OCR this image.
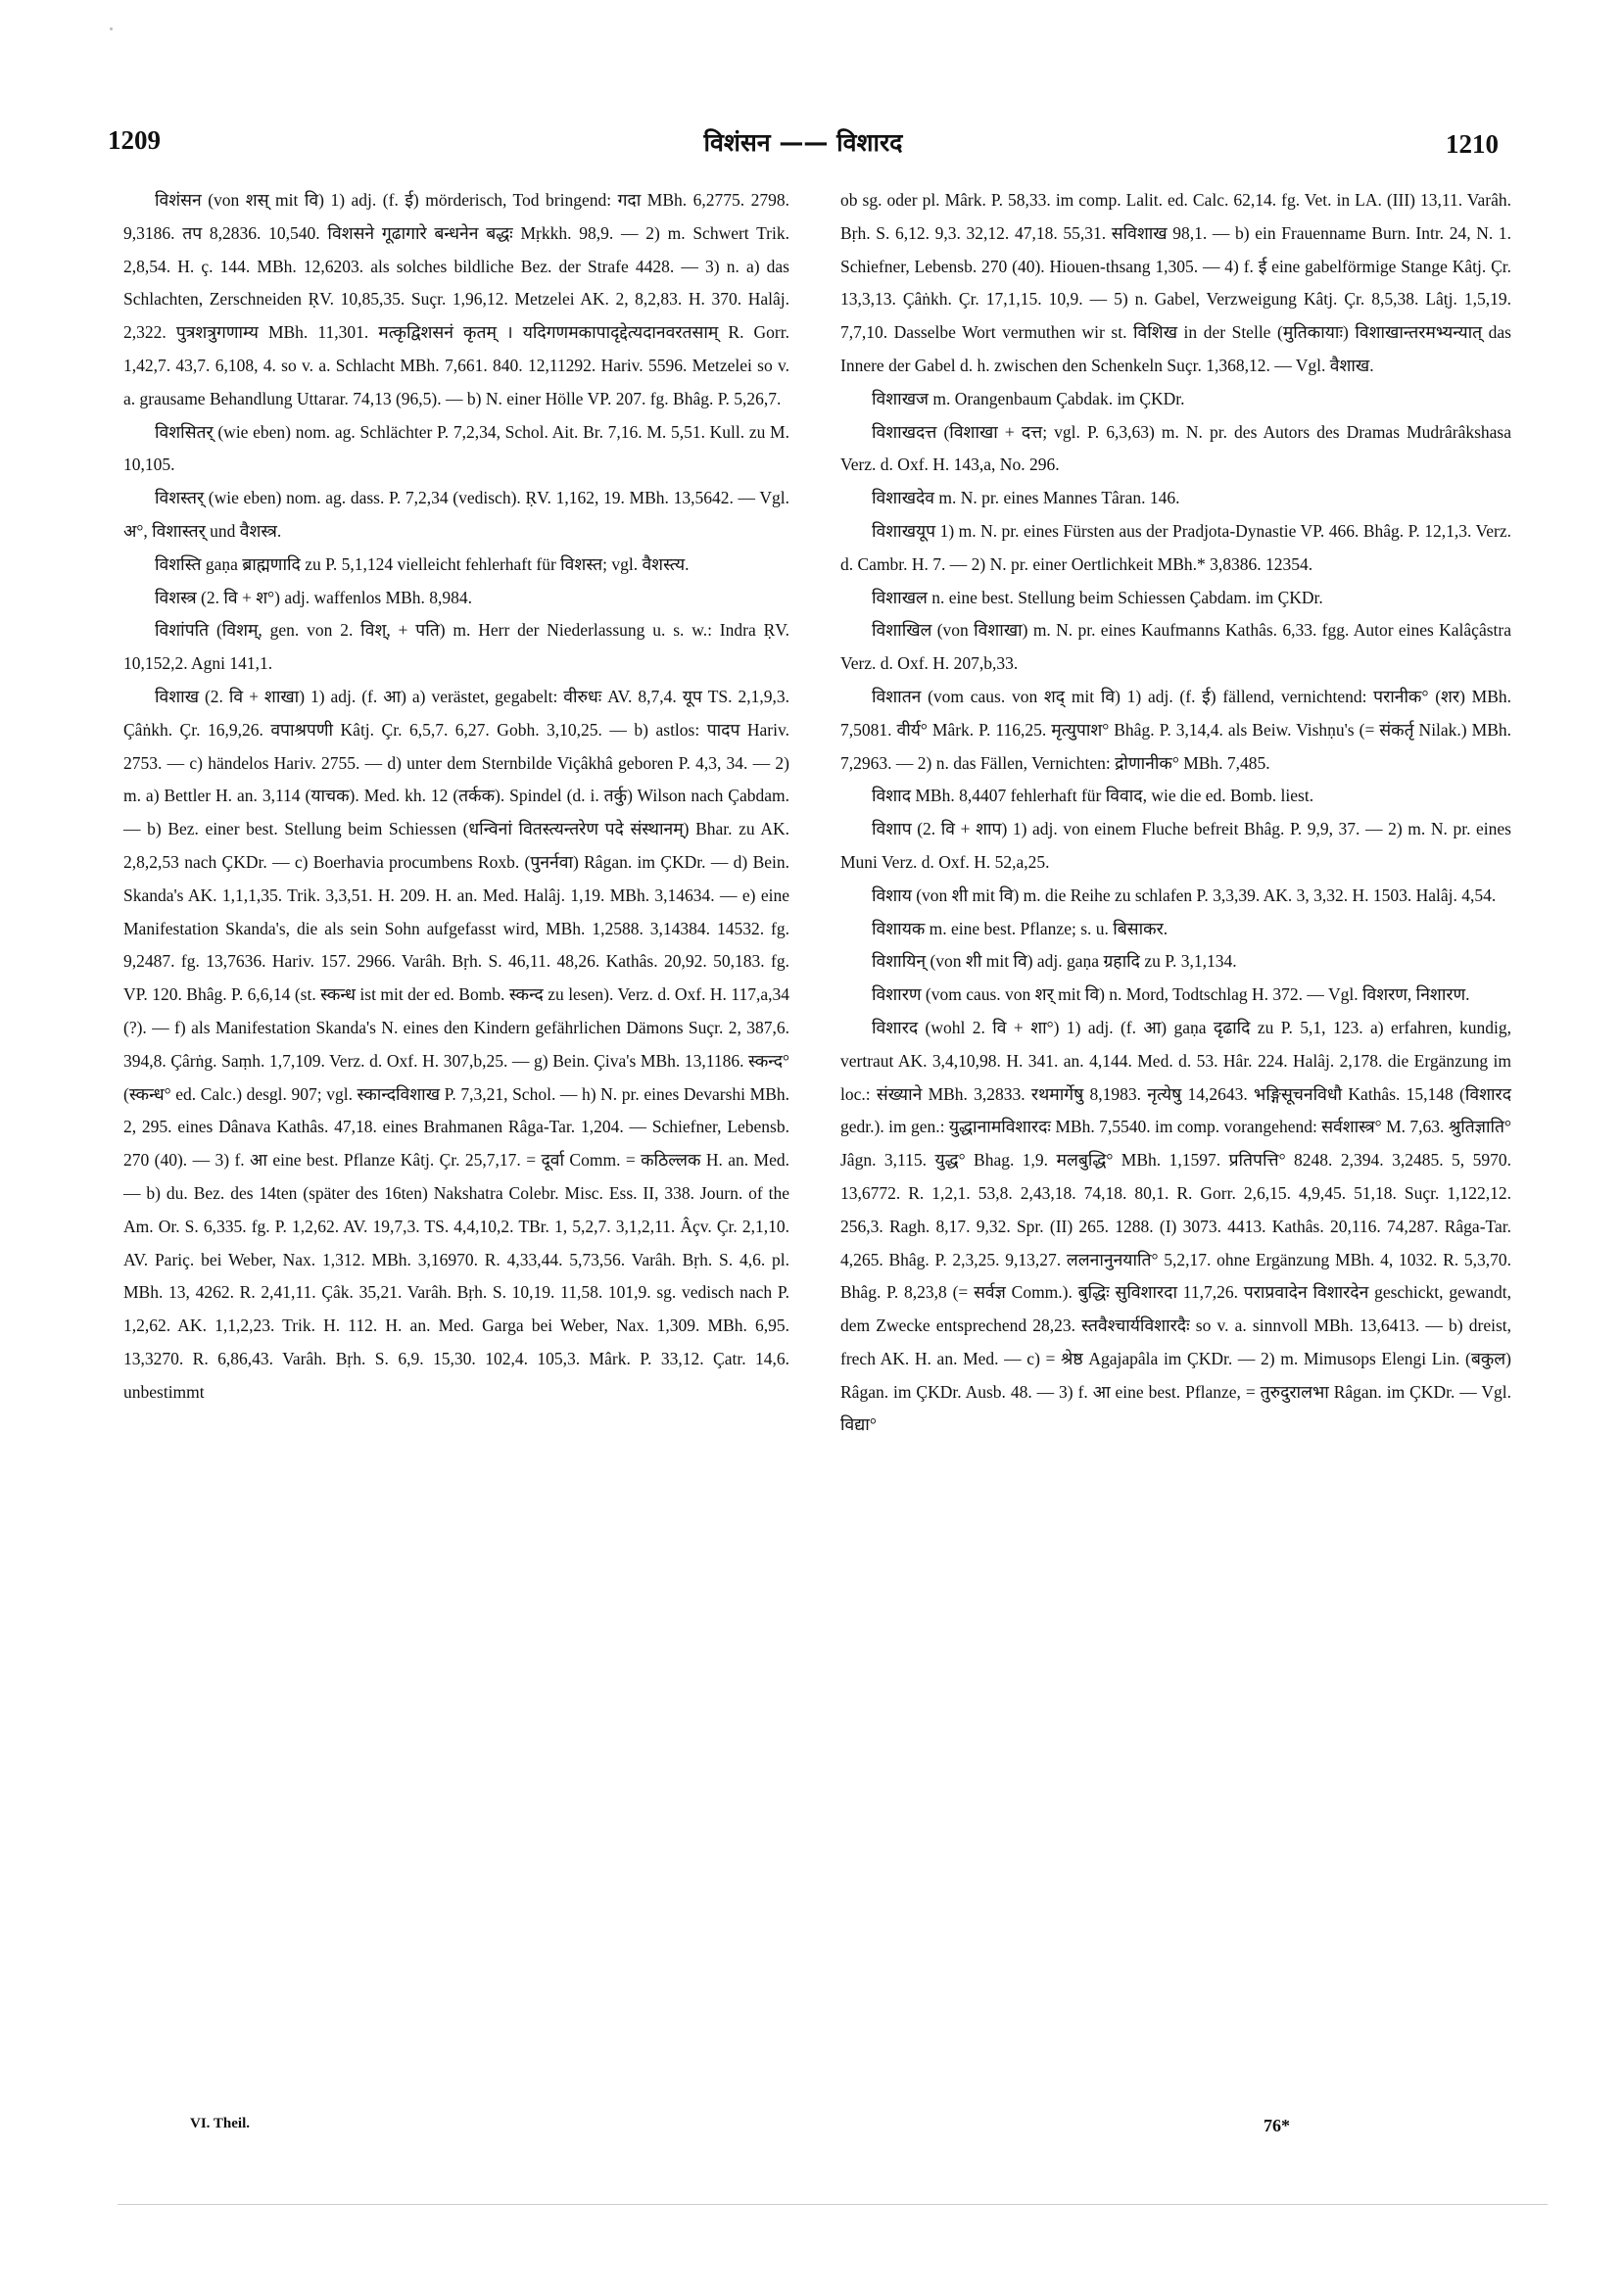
1209	विशंसन —— विशारद	1210

विशंसन (von शस् mit वि) 1) adj. (f. ई) mörderisch, Tod bringend: गदा MBh. 6,2775. 2798. 9,3186. तप 8,2836. 10,540. विशसने गूढागारे बन्धनेन बद्धः Mṛkkh. 98,9. — 2) m. Schwert Trik. 2,8,54. H. ç. 144. MBh. 12,6203. als solches bildliche Bez. der Strafe 4428. — 3) n. a) das Schlachten, Zerschneiden ṚV. 10,85,35. Suçr. 1,96,12. Metzelei AK. 2, 8,2,83. H. 370. Halâj. 2,322. पुत्रशत्रुगणाम्य MBh. 11,301. मत्कृद्विशसनं कृतम् । यदिगणमकापादृद्देत्यदानवरतसाम् R. Gorr. 1,42,7. 43,7. 6,108, 4. so v. a. Schlacht MBh. 7,661. 840. 12,11292. Hariv. 5596. Metzelei so v. a. grausame Behandlung Uttarar. 74,13 (96,5). — b) N. einer Hölle VP. 207. fg. Bhâg. P. 5,26,7.

विशसितर् (wie eben) nom. ag. Schlächter P. 7,2,34, Schol. Ait. Br. 7,16. M. 5,51. Kull. zu M. 10,105.

विशस्तर् (wie eben) nom. ag. dass. P. 7,2,34 (vedisch). ṚV. 1,162, 19. MBh. 13,5642. — Vgl. अ°, विशास्तर् und वैशस्त्र.

विशस्ति gaṇa ब्राह्मणादि zu P. 5,1,124 vielleicht fehlerhaft für विशस्त; vgl. वैशस्त्य.

विशस्त्र (2. वि + श°) adj. waffenlos MBh. 8,984.

विशांपति (विशम्, gen. von 2. विश्, + पति) m. Herr der Niederlassung u. s. w.: Indra ṚV. 10,152,2. Agni 141,1.

विशाख (2. वि + शाखा) 1) adj. (f. आ) a) verästet, gegabelt: वीरुधः AV. 8,7,4. यूप TS. 2,1,9,3. Çâṅkh. Çr. 16,9,26. वपाश्रपणी Kâtj. Çr. 6,5,7. 6,27. Gobh. 3,10,25. — b) astlos: पादप Hariv. 2753. — c) händelos Hariv. 2755. — d) unter dem Sternbilde Viçâkhâ geboren P. 4,3, 34. — 2) m. a) Bettler H. an. 3,114 (याचक). Med. kh. 12 (तर्कक). Spindel (d. i. तर्कु) Wilson nach Çabdam. — b) Bez. einer best. Stellung beim Schiessen (धन्विनां वितस्त्यन्तरेण पदे संस्थानम्) Bhar. zu AK. 2,8,2,53 nach ÇKDr. — c) Boerhavia procumbens Roxb. (पुनर्नवा) Râgan. im ÇKDr. — d) Bein. Skanda's AK. 1,1,1,35. Trik. 3,3,51. H. 209. H. an. Med. Halâj. 1,19. MBh. 3,14634. — e) eine Manifestation Skanda's, die als sein Sohn aufgefasst wird, MBh. 1,2588. 3,14384. 14532. fg. 9,2487. fg. 13,7636. Hariv. 157. 2966. Varâh. Bṛh. S. 46,11. 48,26. Kathâs. 20,92. 50,183. fg. VP. 120. Bhâg. P. 6,6,14 (st. स्कन्ध ist mit der ed. Bomb. स्कन्द zu lesen). Verz. d. Oxf. H. 117,a,34 (?). — f) als Manifestation Skanda's N. eines den Kindern gefährlichen Dämons Suçr. 2, 387,6. 394,8. Çârṅg. Saṃh. 1,7,109. Verz. d. Oxf. H. 307,b,25. — g) Bein. Çiva's MBh. 13,1186. स्कन्द° (स्कन्ध° ed. Calc.) desgl. 907; vgl. स्कान्दविशाख P. 7,3,21, Schol. — h) N. pr. eines Devarshi MBh. 2, 295. eines Dânava Kathâs. 47,18. eines Brahmanen Râga-Tar. 1,204. — Schiefner, Lebensb. 270 (40). — 3) f. आ eine best. Pflanze Kâtj. Çr. 25,7,17. = दूर्वा Comm. = कठिल्लक H. an. Med. — b) du. Bez. des 14ten (später des 16ten) Nakshatra Colebr. Misc. Ess. II, 338. Journ. of the Am. Or. S. 6,335. fg. P. 1,2,62. AV. 19,7,3. TS. 4,4,10,2. TBr. 1, 5,2,7. 3,1,2,11. Âçv. Çr. 2,1,10. AV. Pariç. bei Weber, Nax. 1,312. MBh. 3,16970. R. 4,33,44. 5,73,56. Varâh. Bṛh. S. 4,6. pl. MBh. 13, 4262. R. 2,41,11. Çâk. 35,21. Varâh. Bṛh. S. 10,19. 11,58. 101,9. sg. vedisch nach P. 1,2,62. AK. 1,1,2,23. Trik. H. 112. H. an. Med. Garga bei Weber, Nax. 1,309. MBh. 6,95. 13,3270. R. 6,86,43. Varâh. Bṛh. S. 6,9. 15,30. 102,4. 105,3. Mârk. P. 33,12. Çatr. 14,6. unbestimmt

ob sg. oder pl. Mârk. P. 58,33. im comp. Lalit. ed. Calc. 62,14. fg. Vet. in LA. (III) 13,11. Varâh. Bṛh. S. 6,12. 9,3. 32,12. 47,18. 55,31. सविशाख 98,1. — b) ein Frauenname Burn. Intr. 24, N. 1. Schiefner, Lebensb. 270 (40). Hiouen-thsang 1,305. — 4) f. ई eine gabelförmige Stange Kâtj. Çr. 13,3,13. Çâṅkh. Çr. 17,1,15. 10,9. — 5) n. Gabel, Verzweigung Kâtj. Çr. 8,5,38. Lâṭj. 1,5,19. 7,7,10. Dasselbe Wort vermuthen wir st. विशिख in der Stelle (मुतिकायाः) विशाखान्तरमभ्यन्यात् das Innere der Gabel d. h. zwischen den Schenkeln Suçr. 1,368,12. — Vgl. वैशाख.

विशाखज m. Orangenbaum Çabdak. im ÇKDr.

विशाखदत्त (विशाखा + दत्त; vgl. P. 6,3,63) m. N. pr. des Autors des Dramas Mudrârâkshasa Verz. d. Oxf. H. 143,a, No. 296.

विशाखदेव m. N. pr. eines Mannes Târan. 146.

विशाखयूप 1) m. N. pr. eines Fürsten aus der Pradjota-Dynastie VP. 466. Bhâg. P. 12,1,3. Verz. d. Cambr. H. 7. — 2) N. pr. einer Oertlichkeit MBh.* 3,8386. 12354.

विशाखल n. eine best. Stellung beim Schiessen Çabdam. im ÇKDr.

विशाखिल (von विशाखा) m. N. pr. eines Kaufmanns Kathâs. 6,33. fgg. Autor eines Kalâçâstra Verz. d. Oxf. H. 207,b,33.

विशातन (vom caus. von शद् mit वि) 1) adj. (f. ई) fällend, vernichtend: परानीक° (शर) MBh. 7,5081. वीर्य° Mârk. P. 116,25. मृत्युपाश° Bhâg. P. 3,14,4. als Beiw. Vishṇu's (= संकर्तृ Nilak.) MBh. 7,2963. — 2) n. das Fällen, Vernichten: द्रोणानीक° MBh. 7,485.

विशाद MBh. 8,4407 fehlerhaft für विवाद, wie die ed. Bomb. liest.

विशाप (2. वि + शाप) 1) adj. von einem Fluche befreit Bhâg. P. 9,9, 37. — 2) m. N. pr. eines Muni Verz. d. Oxf. H. 52,a,25.

विशाय (von शी mit वि) m. die Reihe zu schlafen P. 3,3,39. AK. 3, 3,32. H. 1503. Halâj. 4,54.

विशायक m. eine best. Pflanze; s. u. बिसाकर.

विशायिन् (von शी mit वि) adj. gaṇa ग्रहादि zu P. 3,1,134.

विशारण (vom caus. von शर् mit वि) n. Mord, Todtschlag H. 372. — Vgl. विशरण, निशारण.

विशारद (wohl 2. वि + शा°) 1) adj. (f. आ) gaṇa दृढादि zu P. 5,1, 123. a) erfahren, kundig, vertraut AK. 3,4,10,98. H. 341. an. 4,144. Med. d. 53. Hâr. 224. Halâj. 2,178. die Ergänzung im loc.: संख्याने MBh. 3,2833. रथमार्गेषु 8,1983. नृत्येषु 14,2643. भङ्गिसूचनविधौ Kathâs. 15,148 (विशारद gedr.). im gen.: युद्धानामविशारदः MBh. 7,5540. im comp. vorangehend: सर्वशास्त्र° M. 7,63. श्रुतिज्ञाति° Jâgn. 3,115. युद्ध° Bhag. 1,9. मलबुद्धि° MBh. 1,1597. प्रतिपत्ति° 8248. 2,394. 3,2485. 5, 5970. 13,6772. R. 1,2,1. 53,8. 2,43,18. 74,18. 80,1. R. Gorr. 2,6,15. 4,9,45. 51,18. Suçr. 1,122,12. 256,3. Ragh. 8,17. 9,32. Spr. (II) 265. 1288. (I) 3073. 4413. Kathâs. 20,116. 74,287. Râga-Tar. 4,265. Bhâg. P. 2,3,25. 9,13,27. ललनानुनयाति° 5,2,17. ohne Ergänzung MBh. 4, 1032. R. 5,3,70. Bhâg. P. 8,23,8 (= सर्वज्ञ Comm.). बुद्धिः सुविशारदा 11,7,26. पराप्रवादेन विशारदेन geschickt, gewandt, dem Zwecke entsprechend 28,23. स्तवैश्चार्यविशारदैः so v. a. sinnvoll MBh. 13,6413. — b) dreist, frech AK. H. an. Med. — c) = श्रेष्ठ Agajapâla im ÇKDr. — 2) m. Mimusops Elengi Lin. (बकुल) Râgan. im ÇKDr. Ausb. 48. — 3) f. आ eine best. Pflanze, = तुरुदुरालभा Râgan. im ÇKDr. — Vgl. विद्या°

VI. Theil.	76*
